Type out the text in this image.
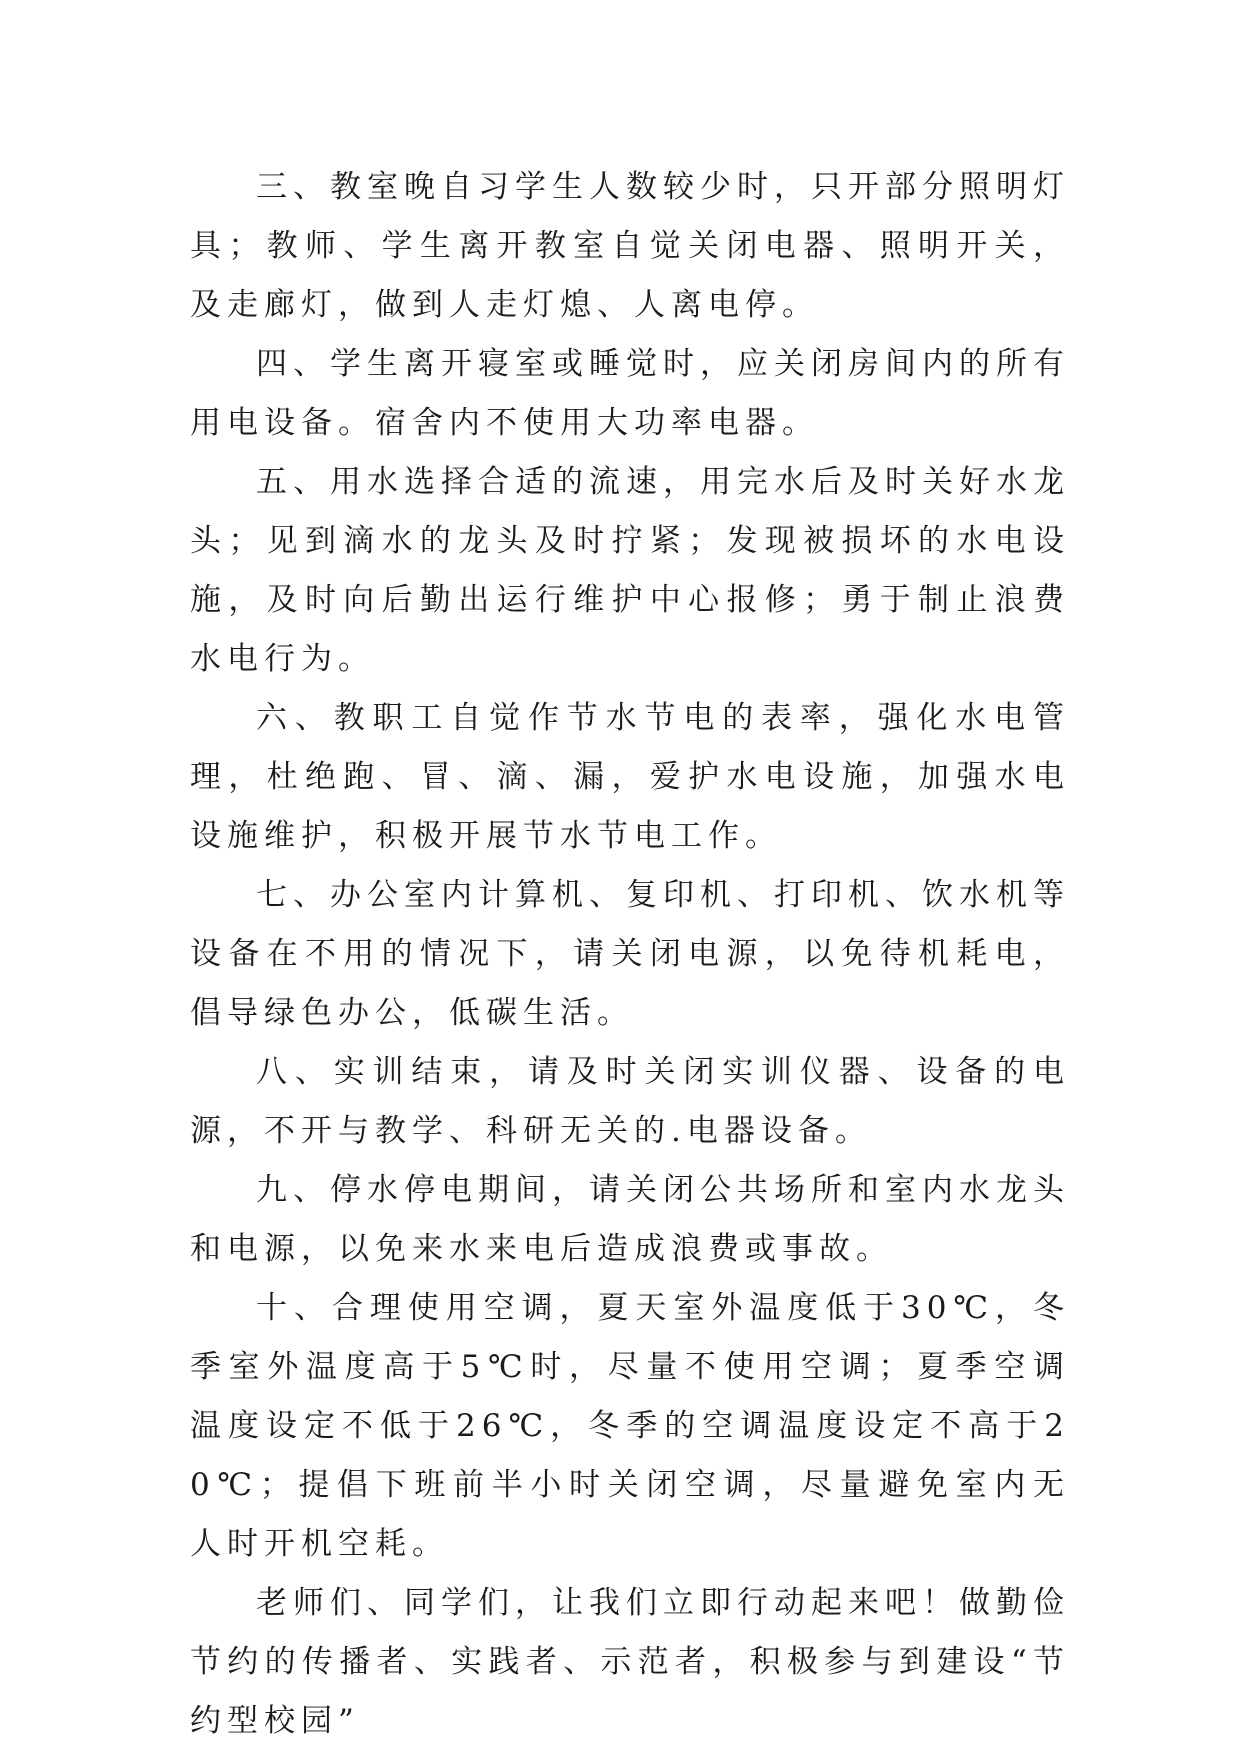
三、教室晚自习学生人数较少时，只开部分照明灯具；教师、学生离开教室自觉关闭电器、照明开关，及走廊灯，做到人走灯熄、人离电停。

四、学生离开寝室或睡觉时，应关闭房间内的所有用电设备。宿舍内不使用大功率电器。

五、用水选择合适的流速，用完水后及时关好水龙头；见到滴水的龙头及时拧紧；发现被损坏的水电设施，及时向后勤出运行维护中心报修；勇于制止浪费水电行为。

六、教职工自觉作节水节电的表率，强化水电管理，杜绝跑、冒、滴、漏，爱护水电设施，加强水电设施维护，积极开展节水节电工作。

七、办公室内计算机、复印机、打印机、饮水机等设备在不用的情况下，请关闭电源，以免待机耗电，倡导绿色办公，低碳生活。

八、实训结束，请及时关闭实训仪器、设备的电源，不开与教学、科研无关的.电器设备。

九、停水停电期间，请关闭公共场所和室内水龙头和电源，以免来水来电后造成浪费或事故。

十、合理使用空调，夏天室外温度低于30℃，冬季室外温度高于5℃时，尽量不使用空调；夏季空调温度设定不低于26℃，冬季的空调温度设定不高于20℃；提倡下班前半小时关闭空调，尽量避免室内无人时开机空耗。

老师们、同学们，让我们立即行动起来吧！做勤俭节约的传播者、实践者、示范者，积极参与到建设“节约型校园”
